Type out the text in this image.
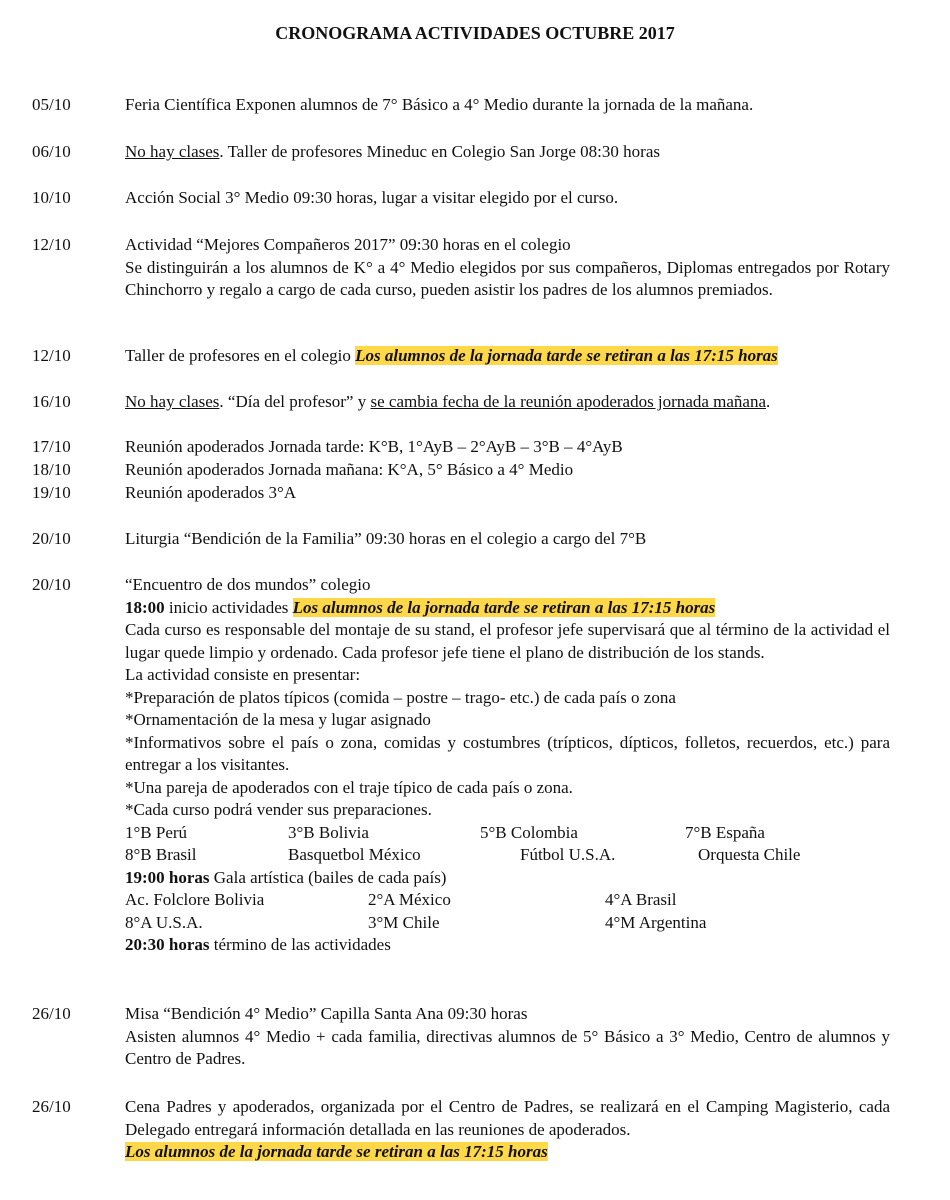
CRONOGRAMA ACTIVIDADES OCTUBRE 2017
05/10	Feria Científica Exponen alumnos de 7° Básico a 4° Medio durante la jornada de la mañana.
06/10	No hay clases. Taller de profesores Mineduc en Colegio San Jorge 08:30 horas
10/10	Acción Social 3° Medio 09:30 horas, lugar a visitar elegido por el curso.
12/10	Actividad “Mejores Compañeros 2017” 09:30 horas en el colegio
Se distinguirán a los alumnos de K° a 4° Medio elegidos por sus compañeros, Diplomas entregados por Rotary Chinchorro y regalo a cargo de cada curso, pueden asistir los padres de los alumnos premiados.
12/10	Taller de profesores en el colegio Los alumnos de la jornada tarde se retiran a las 17:15 horas
16/10	No hay clases. “Día del profesor” y se cambia fecha de la reunión apoderados jornada mañana.
17/10	Reunión apoderados Jornada tarde: K°B, 1°AyB – 2°AyB – 3°B – 4°AyB
18/10	Reunión apoderados Jornada mañana: K°A, 5° Básico a 4° Medio
19/10	Reunión apoderados 3°A
20/10	Liturgia “Bendición de la Familia” 09:30 horas en el colegio a cargo del 7°B
20/10	“Encuentro de dos mundos” colegio
18:00 inicio actividades Los alumnos de la jornada tarde se retiran a las 17:15 horas
Cada curso es responsable del montaje de su stand, el profesor jefe supervisará que al término de la actividad el lugar quede limpio y ordenado. Cada profesor jefe tiene el plano de distribución de los stands.
La actividad consiste en presentar:
*Preparación de platos típicos (comida – postre – trago- etc.) de cada país o zona
*Ornamentación de la mesa y lugar asignado
*Informativos sobre el país o zona, comidas y costumbres (trípticos, dípticos, folletos, recuerdos, etc.) para entregar a los visitantes.
*Una pareja de apoderados con el traje típico de cada país o zona.
*Cada curso podrá vender sus preparaciones.
1°B Perú	3°B Bolivia	5°B Colombia	7°B España
8°B Brasil	Basquetbol México	Fútbol U.S.A.	Orquesta Chile
19:00 horas Gala artística (bailes de cada país)
Ac. Folclore Bolivia	2°A México	4°A Brasil
8°A U.S.A.	3°M Chile	4°M Argentina
20:30 horas término de las actividades
26/10	Misa “Bendición 4° Medio” Capilla Santa Ana 09:30 horas
Asisten alumnos 4° Medio + cada familia, directivas alumnos de 5° Básico a 3° Medio, Centro de alumnos y Centro de Padres.
26/10	Cena Padres y apoderados, organizada por el Centro de Padres, se realizará en el Camping Magisterio, cada Delegado entregará información detallada en las reuniones de apoderados.
Los alumnos de la jornada tarde se retiran a las 17:15 horas
